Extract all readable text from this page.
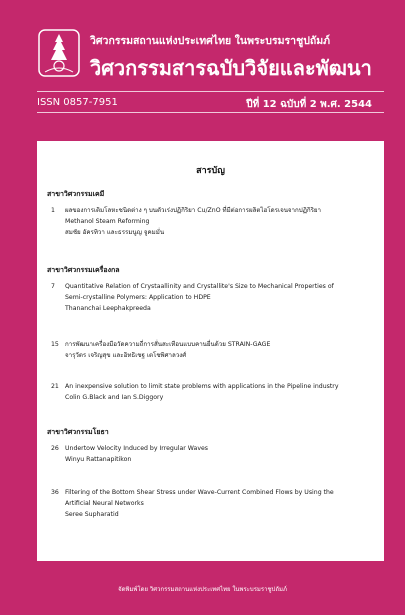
วิศวกรรมสถานแห่งประเทศไทย ในพระบรมราชูปถัมภ์
วิศวกรรมสารฉบับวิจัยและพัฒนา
ISSN 0857-7951	ปีที่ 12 ฉบับที่ 2 พ.ศ. 2544
สารบัญ
สาขาวิศวกรรมเคมี
1	ผลของการเติมโลหะชนิดต่าง ๆ บนตัวเร่งปฏิกิริยา Cu/ZnO ที่มีต่อการผลิตไฮโดรเจนจากปฏิกิริยา
Methanol Steam Reforming
สมชัย อัครทิวา และธรรมนูญ จูคมมั่น
สาขาวิศวกรรมเครื่องกล
7	Quantitative Relation of Crystaallinity and Crystallite's Size to Mechanical Properties of
Semi-crystalline Polymers: Application to HDPE
Thananchai Leephakpreeda
15 การพัฒนาเครื่องมือวัดความถี่การสั่นสะเทือนแบบคานยื่นด้วย STRAIN-GAGE
จารุวัตร เจริญสุข และอิทธิเชฐ เตโชพิศาลวงศ์
21 An inexpensive solution to limit state problems with applications in the Pipeline industry
Colin G.Black and Ian S.Diggory
สาขาวิศวกรรมโยธา
26 Undertow Velocity Induced by Irregular Waves
Winyu Rattanapitikon
36 Filtering of the Bottom Shear Stress under Wave-Current Combined Flows by Using the
Artificial Neural Networks
Seree Supharatid
จัดพิมพ์โดย วิศวกรรมสถานแห่งประเทศไทย ในพระบรมราชูปถัมภ์
